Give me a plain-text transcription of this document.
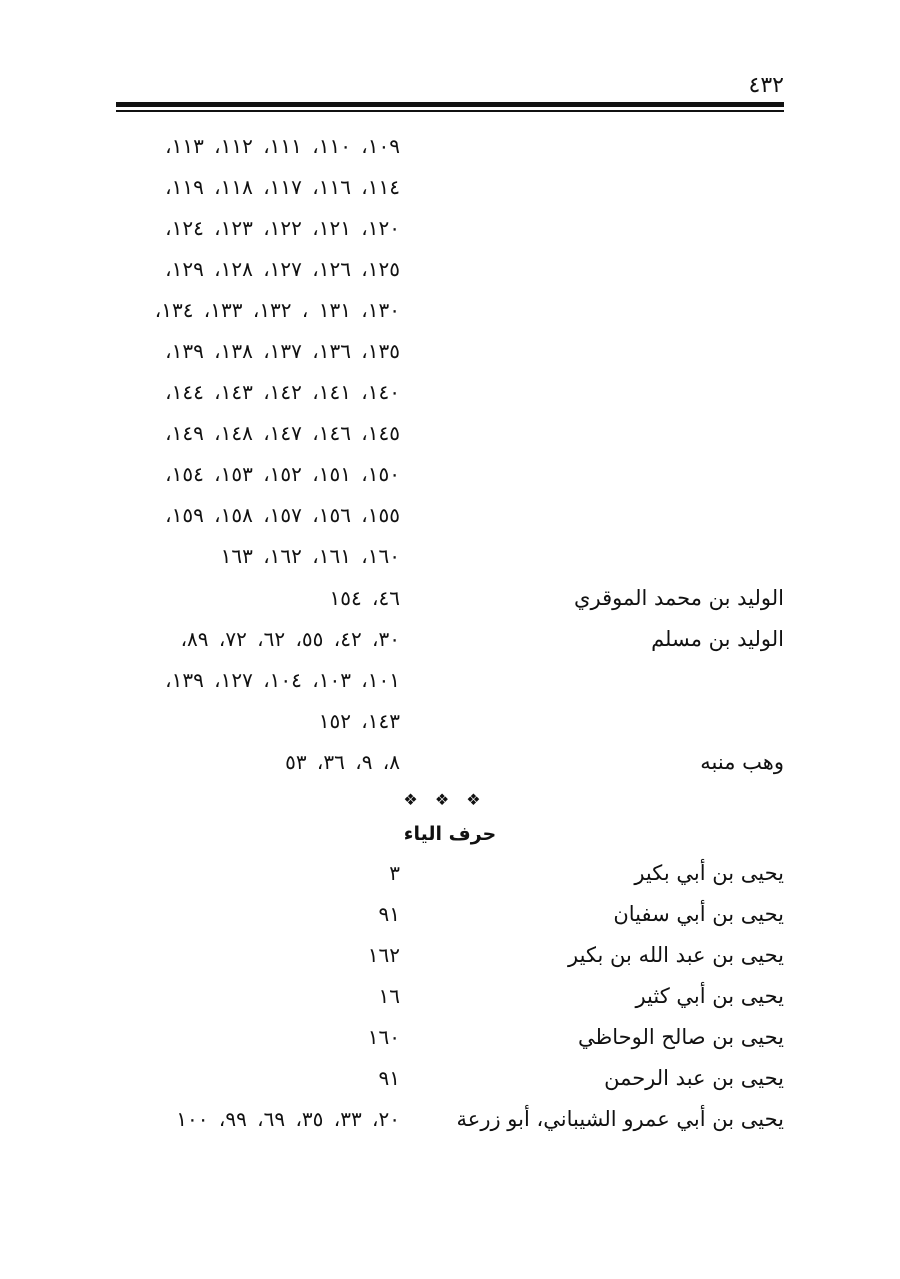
٤٣٢
١٠٩، ١١٠، ١١١، ١١٢، ١١٣،
١١٤، ١١٦، ١١٧، ١١٨، ١١٩،
١٢٠، ١٢١، ١٢٢، ١٢٣، ١٢٤،
١٢٥، ١٢٦، ١٢٧، ١٢٨، ١٢٩،
١٣٠، ١٣١ ، ١٣٢، ١٣٣، ١٣٤،
١٣٥، ١٣٦، ١٣٧، ١٣٨، ١٣٩،
١٤٠، ١٤١، ١٤٢، ١٤٣، ١٤٤،
١٤٥، ١٤٦، ١٤٧، ١٤٨، ١٤٩،
١٥٠، ١٥١، ١٥٢، ١٥٣، ١٥٤،
١٥٥، ١٥٦، ١٥٧، ١٥٨، ١٥٩،
١٦٠، ١٦١، ١٦٢، ١٦٣
الوليد بن محمد الموقري
٤٦، ١٥٤
الوليد بن مسلم
٣٠، ٤٢، ٥٥، ٦٢، ٧٢، ٨٩،
١٠١، ١٠٣، ١٠٤، ١٢٧، ١٣٩،
١٤٣، ١٥٢
وهب منبه
٨، ٩، ٣٦، ٥٣
❖ ❖ ❖
حرف الياء
يحيى بن أبي بكير
٣
يحيى بن أبي سفيان
٩١
يحيى بن عبد الله بن بكير
١٦٢
يحيى بن أبي كثير
١٦
يحيى بن صالح الوحاظي
١٦٠
يحيى بن عبد الرحمن
٩١
يحيى بن أبي عمرو الشيباني، أبو زرعة
٢٠، ٣٣، ٣٥، ٦٩، ٩٩، ١٠٠
